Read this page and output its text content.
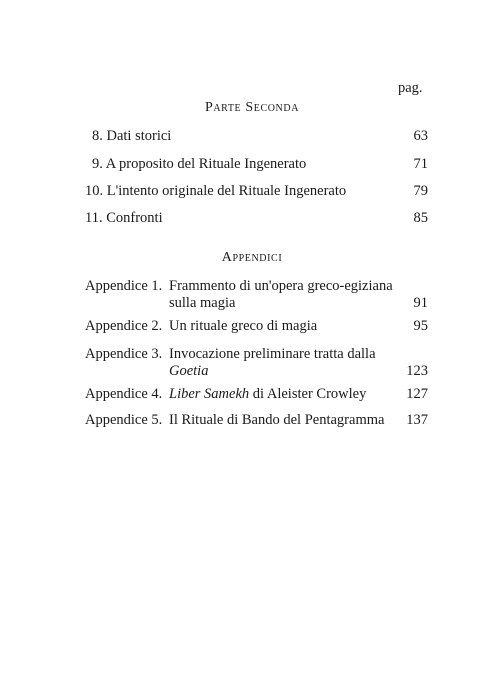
pag.
Parte Seconda
8. Dati storici	63
9. A proposito del Rituale Ingenerato	71
10. L'intento originale del Rituale Ingenerato	79
11. Confronti	85
Appendici
Appendice 1. Frammento di un'opera greco-egiziana
sulla magia	91
Appendice 2. Un rituale greco di magia	95
Appendice 3. Invocazione preliminare tratta dalla
Goetia	123
Appendice 4. Liber Samekh di Aleister Crowley	127
Appendice 5. Il Rituale di Bando del Pentagramma	137
